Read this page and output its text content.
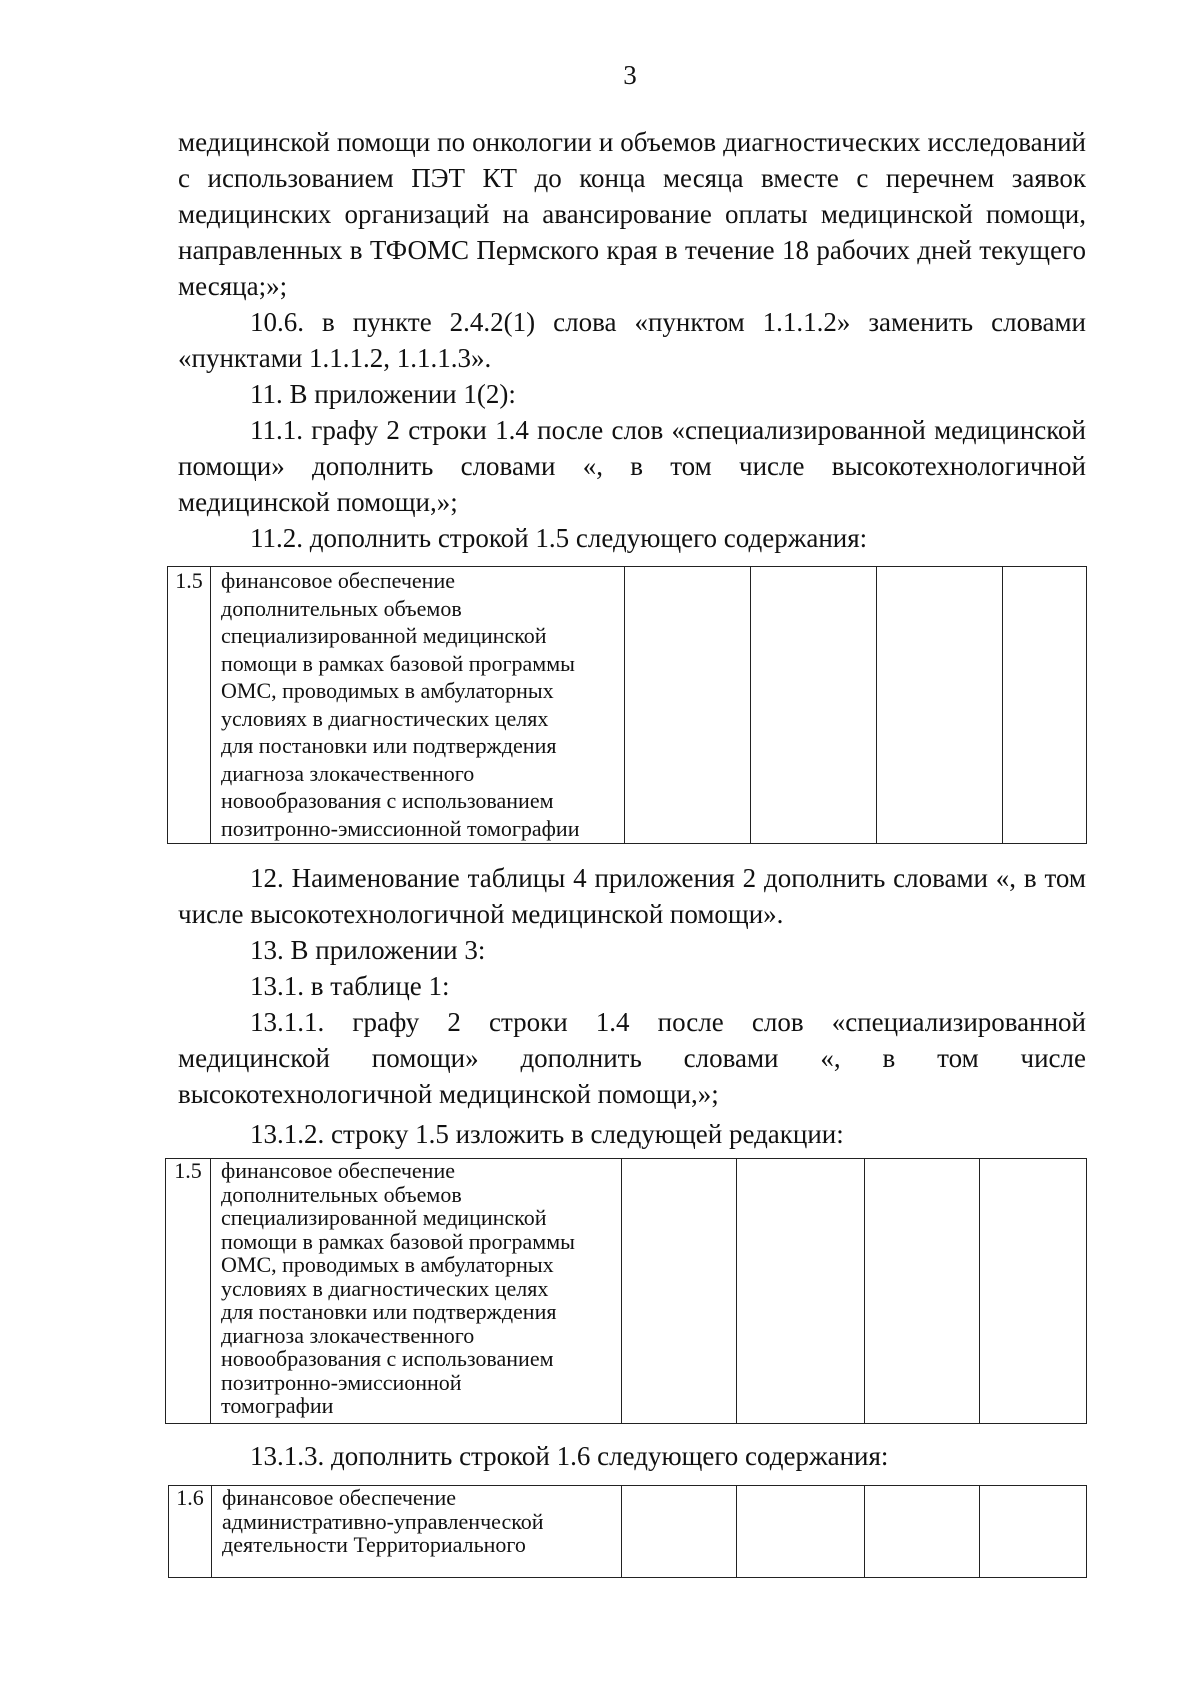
3

медицинской помощи по онкологии и объемов диагностических исследований с использованием ПЭТ КТ до конца месяца вместе с перечнем заявок медицинских организаций на авансирование оплаты медицинской помощи, направленных в ТФОМС Пермского края в течение 18 рабочих дней текущего месяца;»;

10.6. в пункте 2.4.2(1) слова «пунктом 1.1.1.2» заменить словами «пунктами 1.1.1.2, 1.1.1.3».

11. В приложении 1(2):

11.1. графу 2 строки 1.4 после слов «специализированной медицинской помощи» дополнить словами «, в том числе высокотехнологичной медицинской помощи,»;

11.2. дополнить строкой 1.5 следующего содержания:
1.5	финансовое обеспечение
дополнительных объемов
специализированной медицинской
помощи в рамках базовой программы
ОМС, проводимых в амбулаторных
условиях в диагностических целях
для постановки или подтверждения
диагноза злокачественного
новообразования с использованием
позитронно-эмиссионной томографии				

12. Наименование таблицы 4 приложения 2 дополнить словами «, в том числе высокотехнологичной медицинской помощи».

13. В приложении 3:
13.1. в таблице 1:

13.1.1. графу 2 строки 1.4 после слов «специализированной медицинской помощи» дополнить словами «, в том числе высокотехнологичной медицинской помощи,»;

13.1.2. строку 1.5 изложить в следующей редакции:
1.5	финансовое обеспечение
дополнительных объемов
специализированной медицинской
помощи в рамках базовой программы
ОМС, проводимых в амбулаторных
условиях в диагностических целях
для постановки или подтверждения
диагноза злокачественного
новообразования с использованием
позитронно-эмиссионной
томографии				
13.1.3. дополнить строкой 1.6 следующего содержания:
1.6	финансовое обеспечение
административно-управленческой
деятельности Территориального				
